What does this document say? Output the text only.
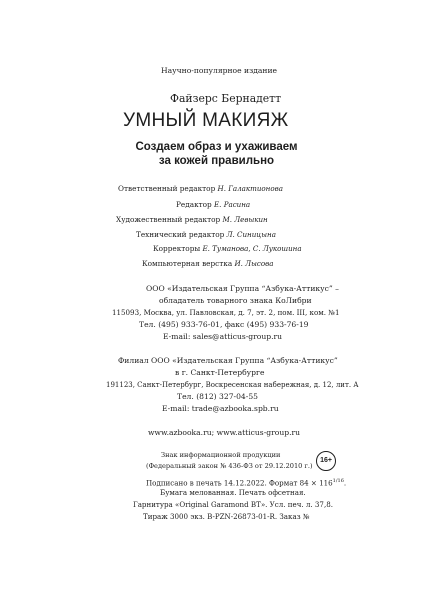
Научно-популярное издание
Файзерс Бернадетт
УМНЫЙ МАКИЯЖ
Создаем образ и ухаживаем
за кожей правильно
Ответственный редактор Н. Галактионова
Редактор Е. Расина
Художественный редактор М. Левыкин
Технический редактор Л. Синицына
Корректоры Е. Туманова, С. Лукошина
Компьютерная верстка И. Лысова
ООО «Издательская Группа “Азбука-Аттикус” –
обладатель товарного знака КоЛибри
115093, Москва, ул. Павловская, д. 7, эт. 2, пом. III, ком. №1
Тел. (495) 933-76-01, факс (495) 933-76-19
E-mail: sales@atticus-group.ru
Филиал ООО «Издательская Группа “Азбука-Аттикус”
в г. Санкт-Петербурге
191123, Санкт-Петербург, Воскресенская набережная, д. 12, лит. А
Тел. (812) 327-04-55
E-mail: trade@azbooka.spb.ru
www.azbooka.ru; www.atticus-group.ru
Знак информационной продукции
(Федеральный закон № 436-ФЗ от 29.12.2010 г.)
16+
Подписано в печать 14.12.2022. Формат $84 \times 116^{1/16}$.
Бумага мелованная. Печать офсетная.
Гарнитура «Original Garamond BT». Усл. печ. л. 37,8.
Тираж 3000 экз. B-PZN-26873-01-R. Заказ №
